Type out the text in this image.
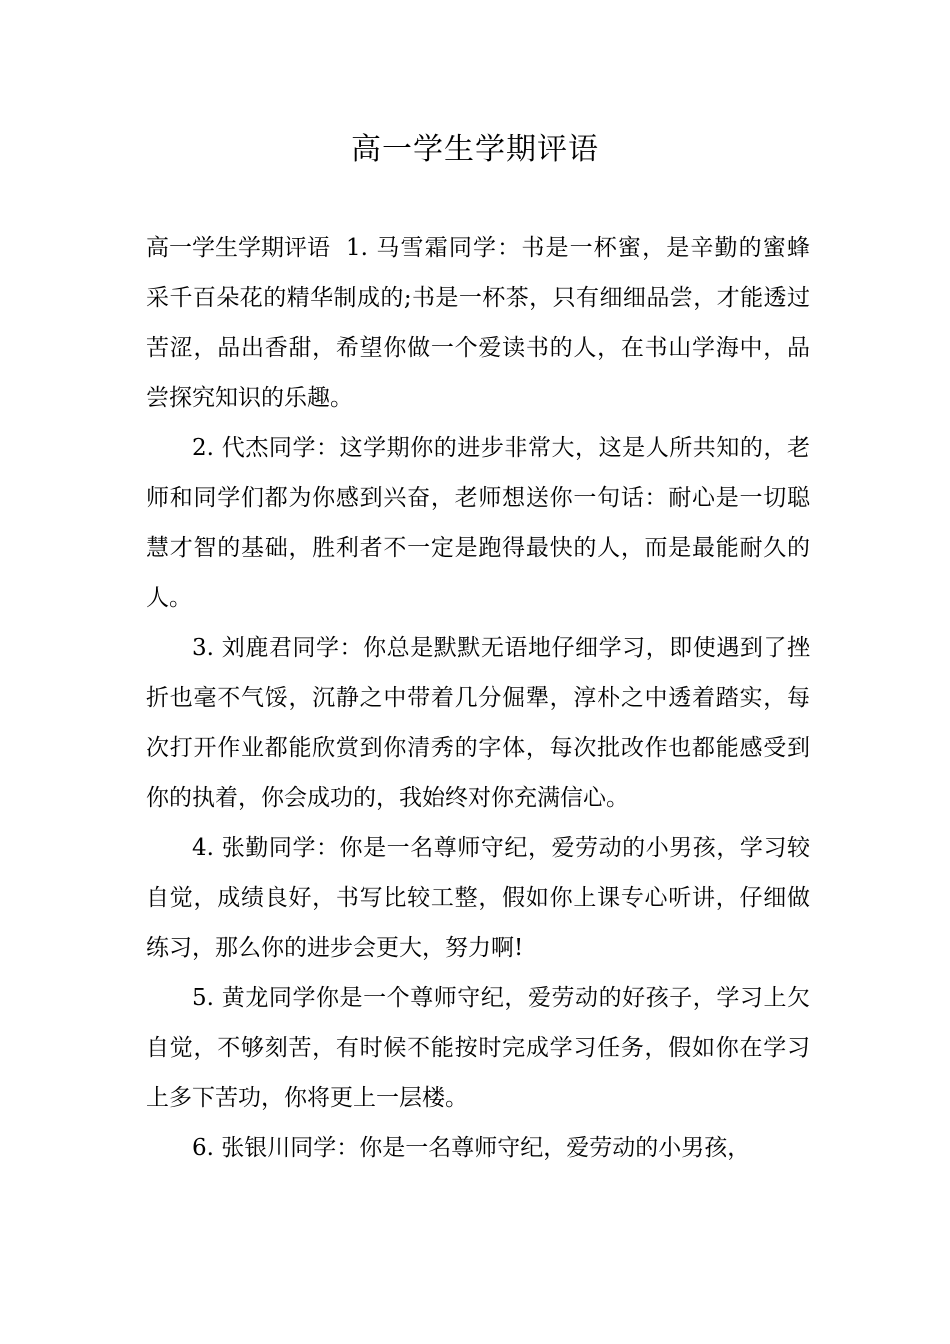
高一学生学期评语

高一学生学期评语 1. 马雪霜同学：书是一杯蜜，是辛勤的蜜蜂采千百朵花的精华制成的;书是一杯茶，只有细细品尝，才能透过苦涩，品出香甜，希望你做一个爱读书的人，在书山学海中，品尝探究知识的乐趣。

2. 代杰同学：这学期你的进步非常大，这是人所共知的，老师和同学们都为你感到兴奋，老师想送你一句话：耐心是一切聪慧才智的基础，胜利者不一定是跑得最快的人，而是最能耐久的人。

3. 刘鹿君同学：你总是默默无语地仔细学习，即使遇到了挫折也毫不气馁，沉静之中带着几分倔犟，淳朴之中透着踏实，每次打开作业都能欣赏到你清秀的字体，每次批改作也都能感受到你的执着，你会成功的，我始终对你充满信心。

4. 张勤同学：你是一名尊师守纪，爱劳动的小男孩，学习较自觉，成绩良好，书写比较工整，假如你上课专心听讲，仔细做练习，那么你的进步会更大，努力啊!

5. 黄龙同学你是一个尊师守纪，爱劳动的好孩子，学习上欠自觉，不够刻苦，有时候不能按时完成学习任务，假如你在学习上多下苦功，你将更上一层楼。

6. 张银川同学：你是一名尊师守纪，爱劳动的小男孩，
